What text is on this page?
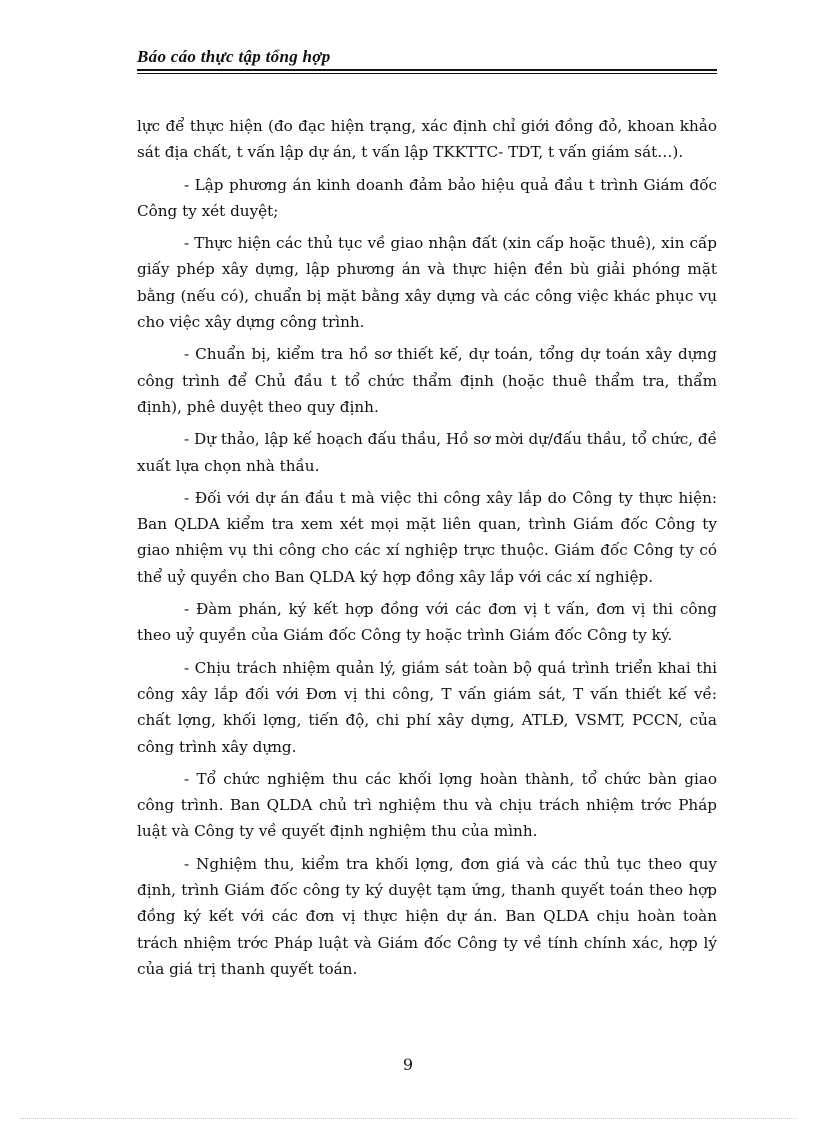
Báo cáo thực tập tổng hợp

lực để thực hiện (đo đạc hiện trạng, xác định chỉ giới đồng đỏ, khoan khảo sát địa chất, t vấn lập dự án, t vấn lập TKKTTC- TDT, t vấn giám sát…).

- Lập phương án kinh doanh đảm bảo hiệu quả đầu t trình Giám đốc Công ty xét duyệt;

- Thực hiện các thủ tục về giao nhận đất (xin cấp hoặc thuê), xin cấp giấy phép xây dựng, lập phương án và thực hiện đền bù giải phóng mặt bằng (nếu có), chuẩn bị mặt bằng xây dựng và các công việc khác phục vụ cho việc xây dựng công trình.

- Chuẩn bị, kiểm tra hồ sơ thiết kế, dự toán, tổng dự toán xây dựng công trình để Chủ đầu t tổ chức thẩm định (hoặc thuê thẩm tra, thẩm định), phê duyệt theo quy định.

- Dự thảo, lập kế hoạch đấu thầu, Hồ sơ mời dự/đấu thầu, tổ chức, đề xuất lựa chọn nhà thầu.

- Đối với dự án đầu t mà việc thi công xây lắp do Công ty thực hiện: Ban QLDA kiểm tra xem xét mọi mặt liên quan, trình Giám đốc Công ty giao nhiệm vụ thi công cho các xí nghiệp trực thuộc. Giám đốc Công ty có thể uỷ quyền cho Ban QLDA ký hợp đồng xây lắp với các xí nghiệp.

- Đàm phán, ký kết hợp đồng với các đơn vị t vấn, đơn vị thi công theo uỷ quyền của Giám đốc Công ty hoặc trình Giám đốc Công ty ký.

- Chịu trách nhiệm quản lý, giám sát toàn bộ quá trình triển khai thi công xây lắp đối với Đơn vị thi công, T vấn giám sát, T vấn thiết kế về: chất lợng, khối lợng, tiến độ, chi phí xây dựng, ATLĐ, VSMT, PCCN, của công trình xây dựng.

- Tổ chức nghiệm thu các khối lợng hoàn thành, tổ chức bàn giao công trình. Ban QLDA chủ trì nghiệm thu và chịu trách nhiệm trớc Pháp luật và Công ty về quyết định nghiệm thu của mình.

- Nghiệm thu, kiểm tra khối lợng, đơn giá và các thủ tục theo quy định, trình Giám đốc công ty ký duyệt tạm ứng, thanh quyết toán theo hợp đồng ký kết với các đơn vị thực hiện dự án. Ban QLDA chịu hoàn toàn trách nhiệm trớc Pháp luật và Giám đốc Công ty về tính chính xác, hợp lý của giá trị thanh quyết toán.

9
